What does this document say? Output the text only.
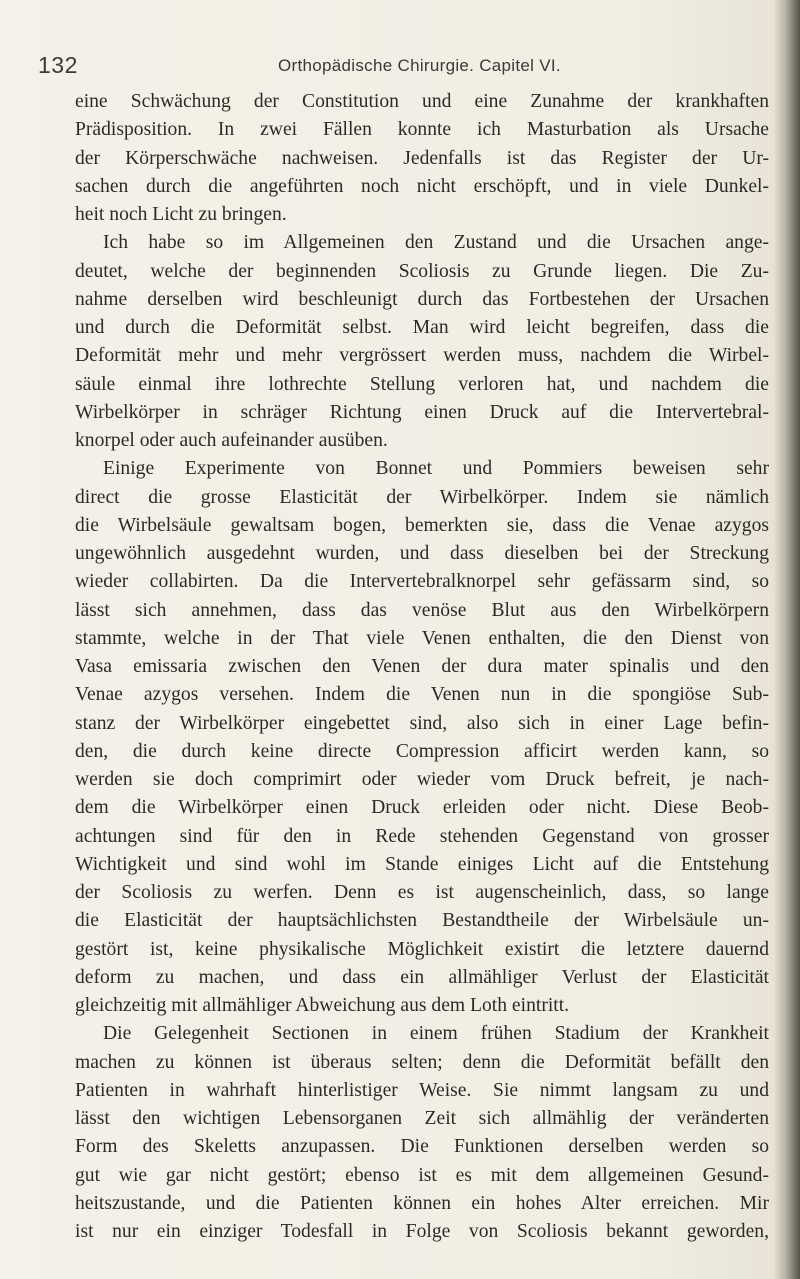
132	Orthopädische Chirurgie. Capitel VI.
eine Schwächung der Constitution und eine Zunahme der krankhaften
Prädisposition. In zwei Fällen konnte ich Masturbation als Ursache
der Körperschwäche nachweisen. Jedenfalls ist das Register der Ur-
sachen durch die angeführten noch nicht erschöpft, und in viele Dunkel-
heit noch Licht zu bringen.
Ich habe so im Allgemeinen den Zustand und die Ursachen ange-
deutet, welche der beginnenden Scoliosis zu Grunde liegen. Die Zu-
nahme derselben wird beschleunigt durch das Fortbestehen der Ursachen
und durch die Deformität selbst. Man wird leicht begreifen, dass die
Deformität mehr und mehr vergrössert werden muss, nachdem die Wirbel-
säule einmal ihre lothrechte Stellung verloren hat, und nachdem die
Wirbelkörper in schräger Richtung einen Druck auf die Intervertebral-
knorpel oder auch aufeinander ausüben.
Einige Experimente von Bonnet und Pommiers beweisen sehr
direct die grosse Elasticität der Wirbelkörper. Indem sie nämlich
die Wirbelsäule gewaltsam bogen, bemerkten sie, dass die Venae azygos
ungewöhnlich ausgedehnt wurden, und dass dieselben bei der Streckung
wieder collabirten. Da die Intervertebralknorpel sehr gefässarm sind, so
lässt sich annehmen, dass das venöse Blut aus den Wirbelkörpern
stammte, welche in der That viele Venen enthalten, die den Dienst von
Vasa emissaria zwischen den Venen der dura mater spinalis und den
Venae azygos versehen. Indem die Venen nun in die spongiöse Sub-
stanz der Wirbelkörper eingebettet sind, also sich in einer Lage befin-
den, die durch keine directe Compression afficirt werden kann, so
werden sie doch comprimirt oder wieder vom Druck befreit, je nach-
dem die Wirbelkörper einen Druck erleiden oder nicht. Diese Beob-
achtungen sind für den in Rede stehenden Gegenstand von grosser
Wichtigkeit und sind wohl im Stande einiges Licht auf die Entstehung
der Scoliosis zu werfen. Denn es ist augenscheinlich, dass, so lange
die Elasticität der hauptsächlichsten Bestandtheile der Wirbelsäule un-
gestört ist, keine physikalische Möglichkeit existirt die letztere dauernd
deform zu machen, und dass ein allmähliger Verlust der Elasticität
gleichzeitig mit allmähliger Abweichung aus dem Loth eintritt.
Die Gelegenheit Sectionen in einem frühen Stadium der Krankheit
machen zu können ist überaus selten; denn die Deformität befällt den
Patienten in wahrhaft hinterlistiger Weise. Sie nimmt langsam zu und
lässt den wichtigen Lebensorganen Zeit sich allmählig der veränderten
Form des Skeletts anzupassen. Die Funktionen derselben werden so
gut wie gar nicht gestört; ebenso ist es mit dem allgemeinen Gesund-
heitszustande, und die Patienten können ein hohes Alter erreichen. Mir
ist nur ein einziger Todesfall in Folge von Scoliosis bekannt geworden,
